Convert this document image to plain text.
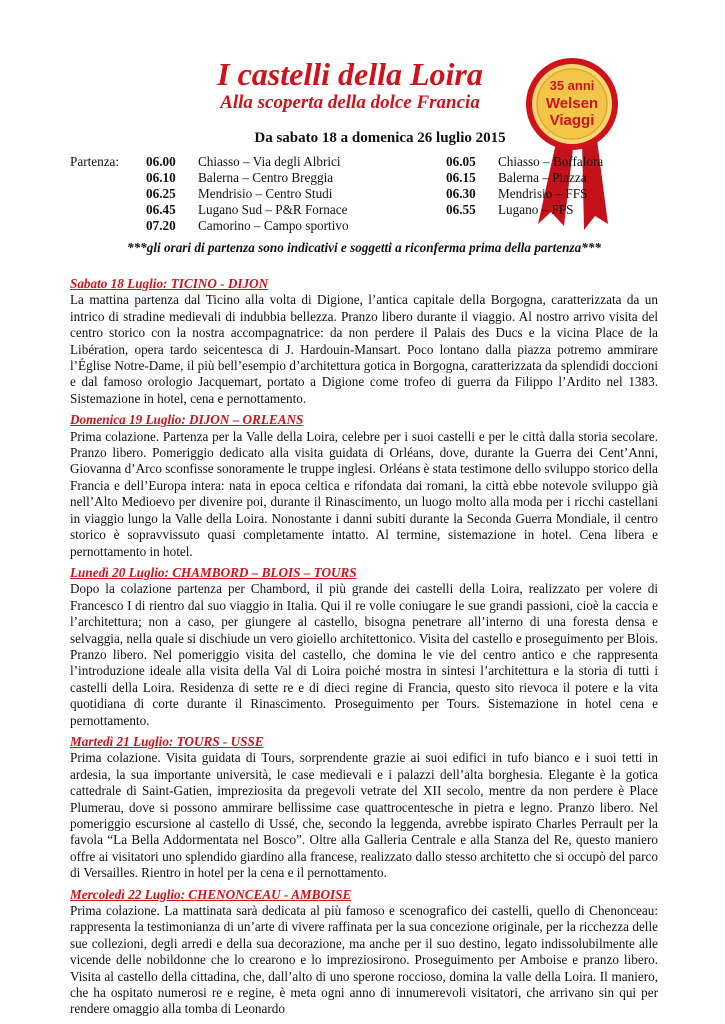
I castelli della Loira
Alla scoperta della dolce Francia
Da sabato 18 a domenica 26 luglio 2015
35 anni
Welsen
Viaggi
Partenza: 06.00 Chiasso – Via degli Albrici	06.05 Chiasso – Boffalora
06.10 Balerna – Centro Breggia	06.15 Balerna – Piazza
06.25 Mendrisio – Centro Studi	06.30 Mendrisio – FFS
06.45 Lugano Sud – P&R Fornace	06.55 Lugano – FFS
07.20 Camorino – Campo sportivo
***gli orari di partenza sono indicativi e soggetti a riconferma prima della partenza***

Sabato 18 Luglio: TICINO - DIJON

La mattina partenza dal Ticino alla volta di Digione, l’antica capitale della Borgogna, caratterizzata da un intrico di stradine medievali di indubbia bellezza. Pranzo libero durante il viaggio. Al nostro arrivo visita del centro storico con la nostra accompagnatrice: da non perdere il Palais des Ducs e la vicina Place de la Libération, opera tardo seicentesca di J. Hardouin-Mansart. Poco lontano dalla piazza potremo ammirare l’Église Notre-Dame, il più bell’esempio d’architettura gotica in Borgogna, caratterizzata da splendidi doccioni e dal famoso orologio Jacquemart, portato a Digione come trofeo di guerra da Filippo l’Ardito nel 1383. Sistemazione in hotel, cena e pernottamento.

Domenica 19 Luglio: DIJON – ORLEANS

Prima colazione. Partenza per la Valle della Loira, celebre per i suoi castelli e per le città dalla storia secolare. Pranzo libero. Pomeriggio dedicato alla visita guidata di Orléans, dove, durante la Guerra dei Cent’Anni, Giovanna d’Arco sconfisse sonoramente le truppe inglesi. Orléans è stata testimone dello sviluppo storico della Francia e dell’Europa intera: nata in epoca celtica e rifondata dai romani, la città ebbe notevole sviluppo già nell’Alto Medioevo per divenire poi, durante il Rinascimento, un luogo molto alla moda per i ricchi castellani in viaggio lungo la Valle della Loira. Nonostante i danni subiti durante la Seconda Guerra Mondiale, il centro storico è sopravvissuto quasi completamente intatto. Al termine, sistemazione in hotel. Cena libera e pernottamento in hotel.

Lunedì 20 Luglio: CHAMBORD – BLOIS – TOURS

Dopo la colazione partenza per Chambord, il più grande dei castelli della Loira, realizzato per volere di Francesco I di rientro dal suo viaggio in Italia. Qui il re volle coniugare le sue grandi passioni, cioè la caccia e l’architettura; non a caso, per giungere al castello, bisogna penetrare all’interno di una foresta densa e selvaggia, nella quale si dischiude un vero gioiello architettonico. Visita del castello e proseguimento per Blois. Pranzo libero. Nel pomeriggio visita del castello, che domina le vie del centro antico e che rappresenta l’introduzione ideale alla visita della Val di Loira poiché mostra in sintesi l’architettura e la storia di tutti i castelli della Loira. Residenza di sette re e di dieci regine di Francia, questo sito rievoca il potere e la vita quotidiana di corte durante il Rinascimento. Proseguimento per Tours. Sistemazione in hotel cena e pernottamento.

Martedì 21 Luglio: TOURS - USSE

Prima colazione. Visita guidata di Tours, sorprendente grazie ai suoi edifici in tufo bianco e i suoi tetti in ardesia, la sua importante università, le case medievali e i palazzi dell’alta borghesia. Elegante è la gotica cattedrale di Saint-Gatien, impreziosita da pregevoli vetrate del XII secolo, mentre da non perdere è Place Plumerau, dove si possono ammirare bellissime case quattrocentesche in pietra e legno. Pranzo libero. Nel pomeriggio escursione al castello di Ussé, che, secondo la leggenda, avrebbe ispirato Charles Perrault per la favola “La Bella Addormentata nel Bosco”. Oltre alla Galleria Centrale e alla Stanza del Re, questo maniero offre ai visitatori uno splendido giardino alla francese, realizzato dallo stesso architetto che si occupò del parco di Versailles. Rientro in hotel per la cena e il pernottamento.

Mercoledì 22 Luglio: CHENONCEAU - AMBOISE

Prima colazione. La mattinata sarà dedicata al più famoso e scenografico dei castelli, quello di Chenonceau: rappresenta la testimonianza di un’arte di vivere raffinata per la sua concezione originale, per la ricchezza delle sue collezioni, degli arredi e della sua decorazione, ma anche per il suo destino, legato indissolubilmente alle vicende delle nobildonne che lo crearono e lo impreziosirono. Proseguimento per Amboise e pranzo libero. Visita al castello della cittadina, che, dall’alto di uno sperone roccioso, domina la valle della Loira. Il maniero, che ha ospitato numerosi re e regine, è meta ogni anno di innumerevoli visitatori, che arrivano sin qui per rendere omaggio alla tomba di Leonardo
